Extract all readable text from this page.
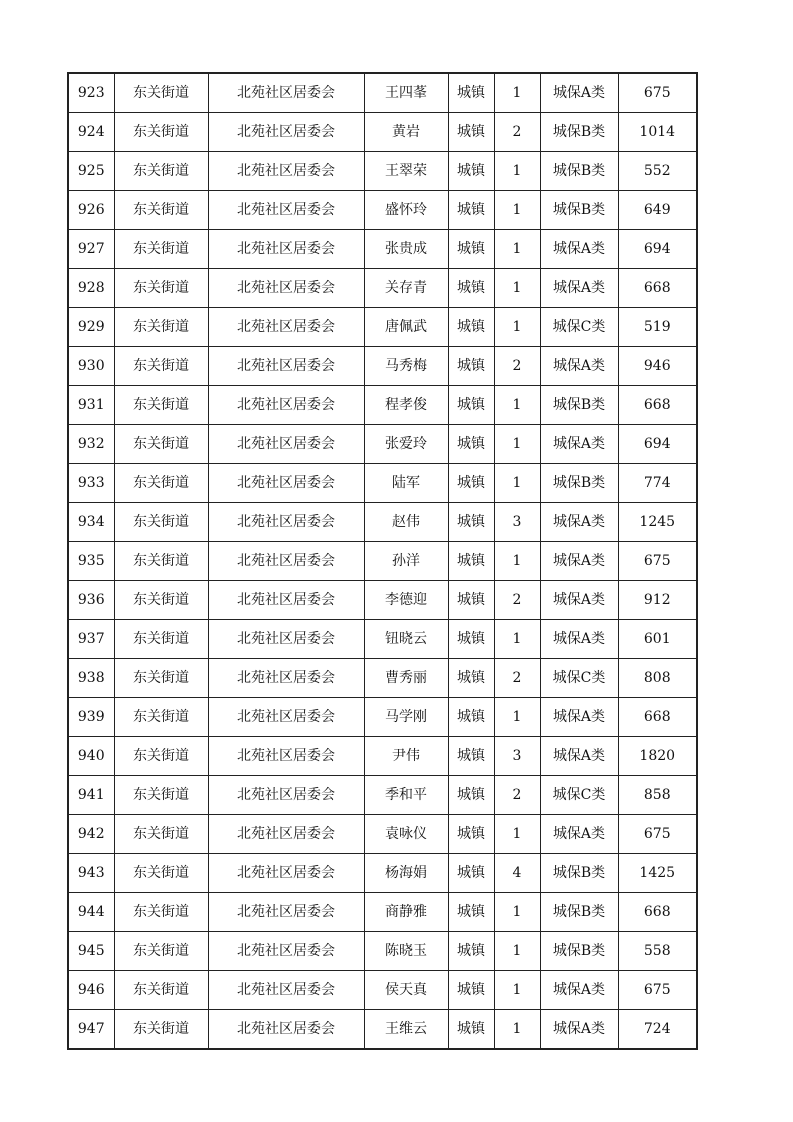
923	东关街道	北苑社区居委会	王四莑	城镇	1	城保A类	675
924	东关街道	北苑社区居委会	黄岩	城镇	2	城保B类	1014
925	东关街道	北苑社区居委会	王翠荣	城镇	1	城保B类	552
926	东关街道	北苑社区居委会	盛怀玲	城镇	1	城保B类	649
927	东关街道	北苑社区居委会	张贵成	城镇	1	城保A类	694
928	东关街道	北苑社区居委会	关存青	城镇	1	城保A类	668
929	东关街道	北苑社区居委会	唐佩武	城镇	1	城保C类	519
930	东关街道	北苑社区居委会	马秀梅	城镇	2	城保A类	946
931	东关街道	北苑社区居委会	程孝俊	城镇	1	城保B类	668
932	东关街道	北苑社区居委会	张爱玲	城镇	1	城保A类	694
933	东关街道	北苑社区居委会	陆军	城镇	1	城保B类	774
934	东关街道	北苑社区居委会	赵伟	城镇	3	城保A类	1245
935	东关街道	北苑社区居委会	孙洋	城镇	1	城保A类	675
936	东关街道	北苑社区居委会	李德迎	城镇	2	城保A类	912
937	东关街道	北苑社区居委会	钮晓云	城镇	1	城保A类	601
938	东关街道	北苑社区居委会	曹秀丽	城镇	2	城保C类	808
939	东关街道	北苑社区居委会	马学刚	城镇	1	城保A类	668
940	东关街道	北苑社区居委会	尹伟	城镇	3	城保A类	1820
941	东关街道	北苑社区居委会	季和平	城镇	2	城保C类	858
942	东关街道	北苑社区居委会	袁咏仪	城镇	1	城保A类	675
943	东关街道	北苑社区居委会	杨海娟	城镇	4	城保B类	1425
944	东关街道	北苑社区居委会	商静雅	城镇	1	城保B类	668
945	东关街道	北苑社区居委会	陈晓玉	城镇	1	城保B类	558
946	东关街道	北苑社区居委会	侯天真	城镇	1	城保A类	675
947	东关街道	北苑社区居委会	王维云	城镇	1	城保A类	724
